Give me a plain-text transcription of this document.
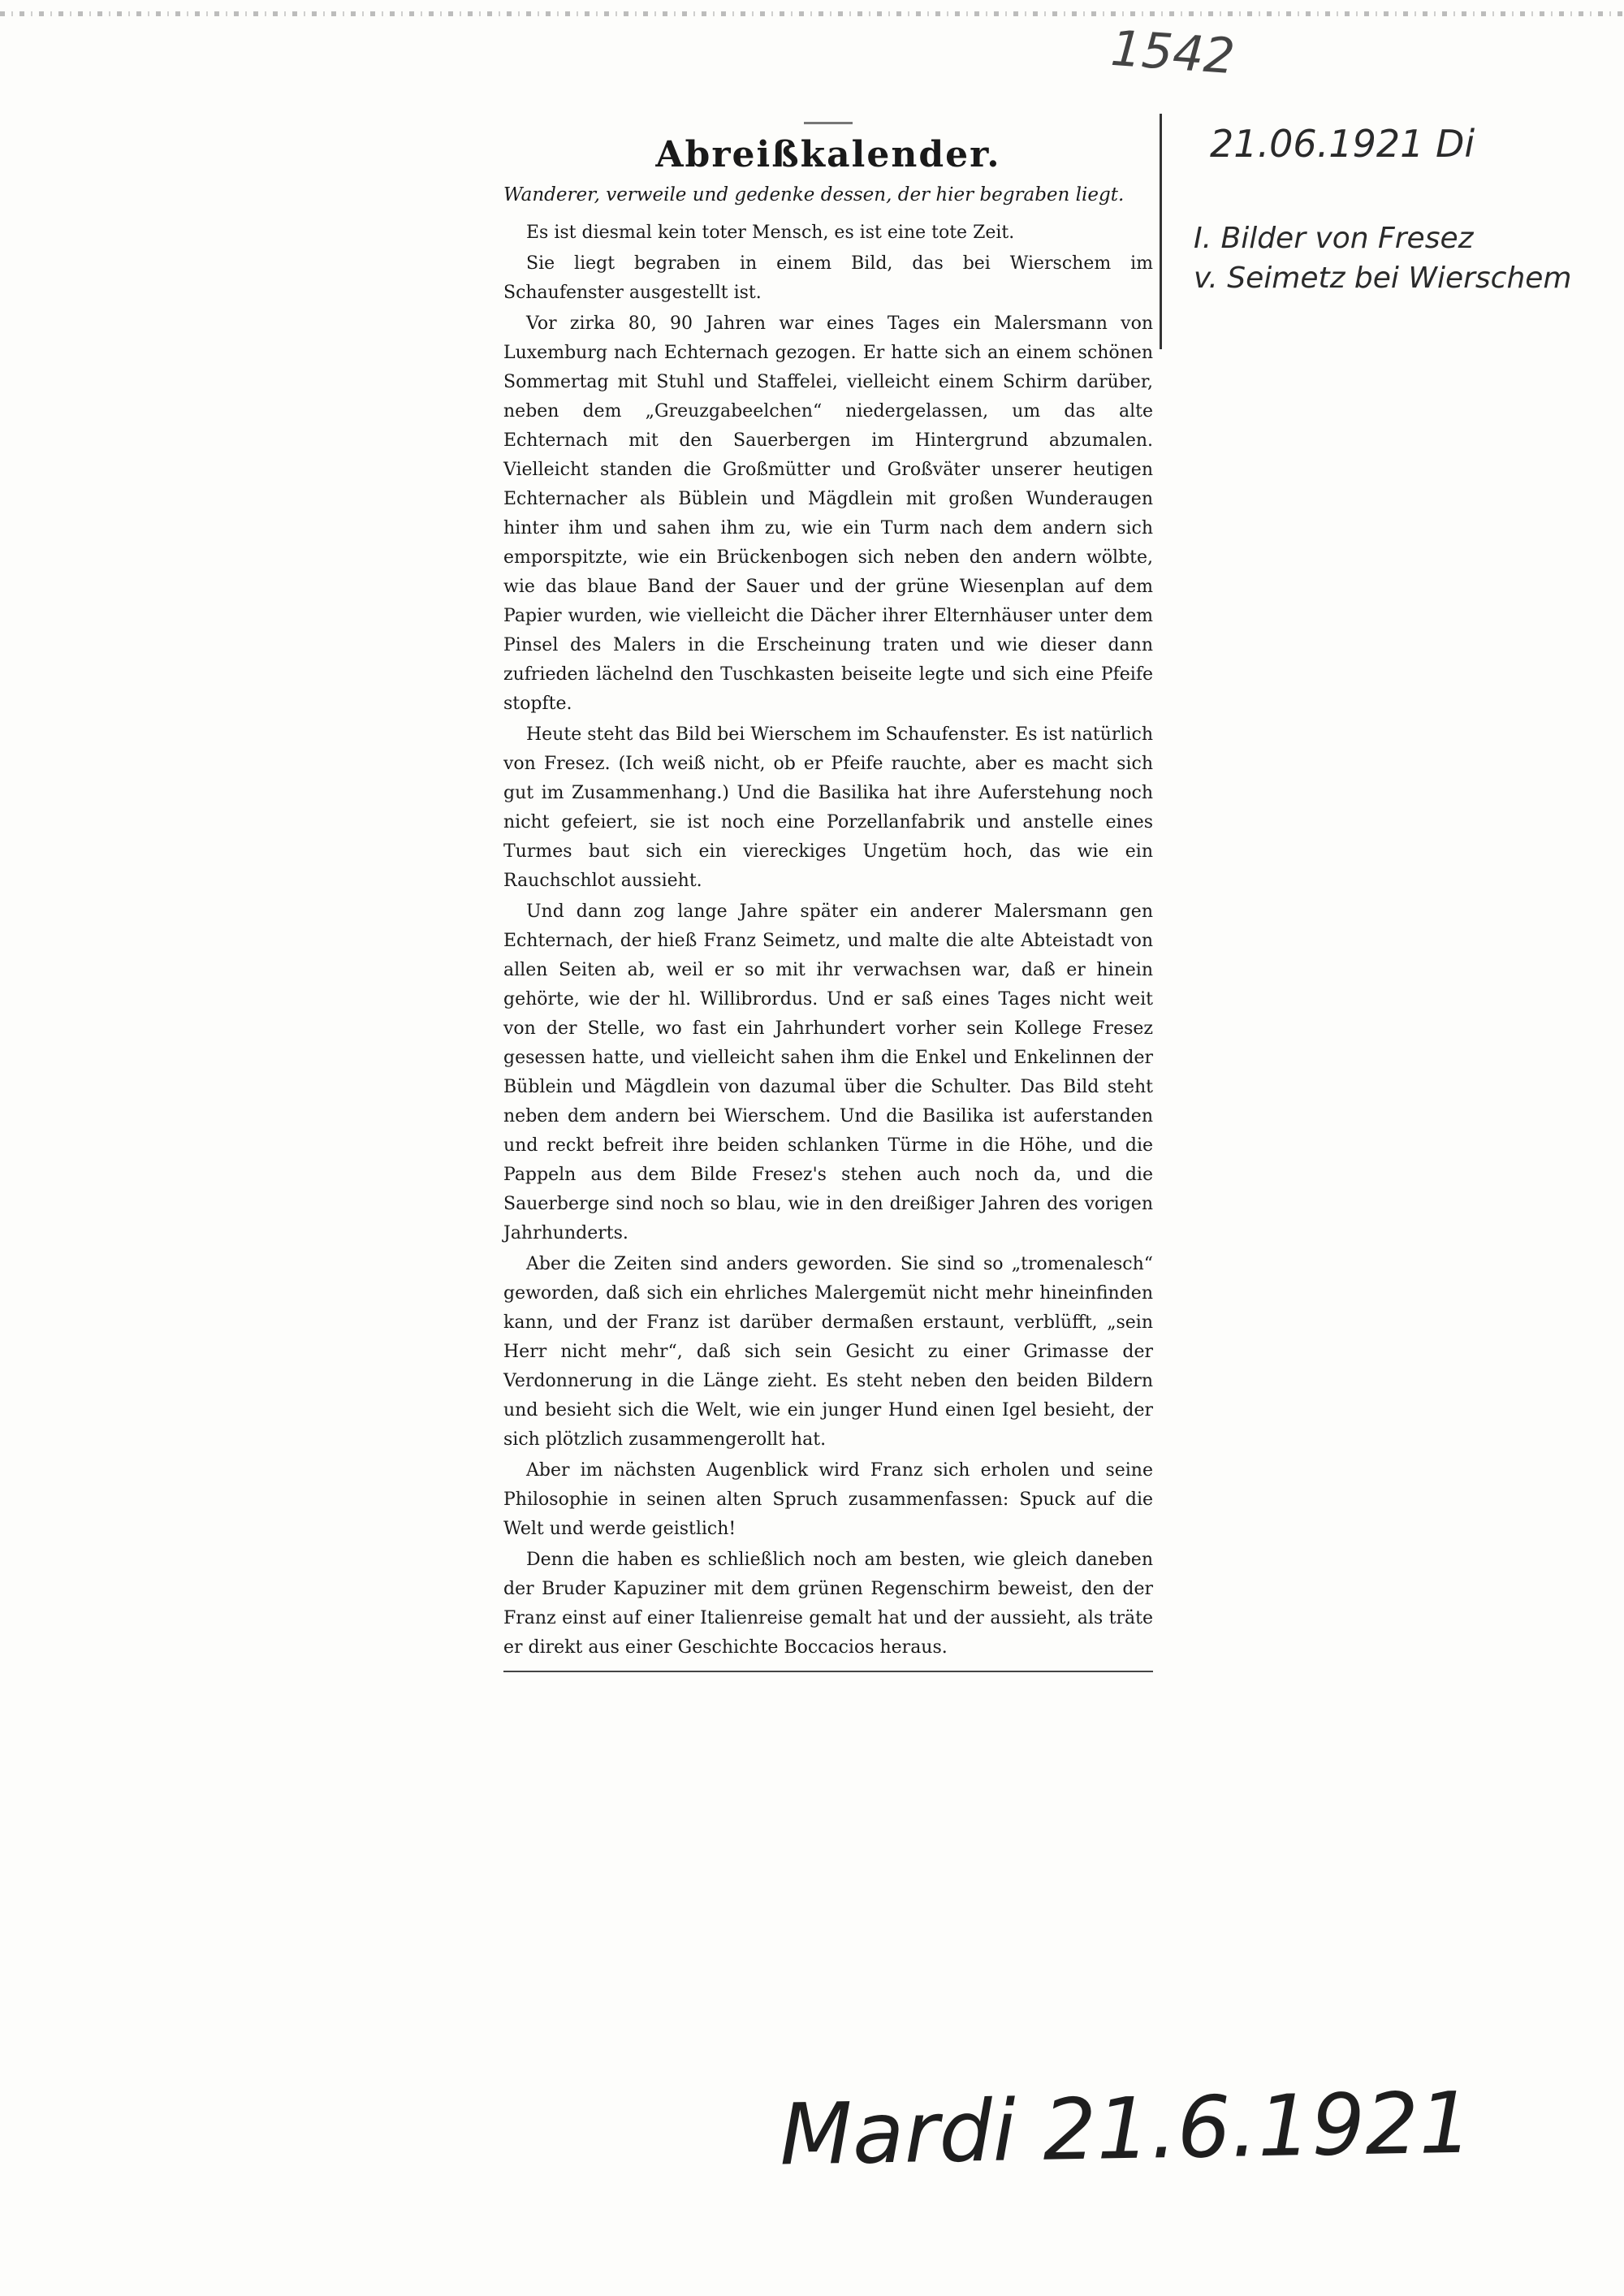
1542
21.06.1921 Di
I. Bilder von Fresez
v. Seimetz bei Wierschem
Abreißkalender.

Wanderer, verweile und gedenke dessen, der hier begraben liegt.

Es ist diesmal kein toter Mensch, es ist eine tote Zeit.

Sie liegt begraben in einem Bild, das bei Wierschem im Schaufenster ausgestellt ist.

Vor zirka 80, 90 Jahren war eines Tages ein Malersmann von Luxemburg nach Echternach gezogen. Er hatte sich an einem schönen Sommertag mit Stuhl und Staffelei, vielleicht einem Schirm darüber, neben dem „Greuzgabeelchen“ niedergelassen, um das alte Echternach mit den Sauerbergen im Hintergrund abzumalen. Vielleicht standen die Großmütter und Großväter unserer heutigen Echternacher als Büblein und Mägdlein mit großen Wunderaugen hinter ihm und sahen ihm zu, wie ein Turm nach dem andern sich emporspitzte, wie ein Brückenbogen sich neben den andern wölbte, wie das blaue Band der Sauer und der grüne Wiesenplan auf dem Papier wurden, wie vielleicht die Dächer ihrer Elternhäuser unter dem Pinsel des Malers in die Erscheinung traten und wie dieser dann zufrieden lächelnd den Tuschkasten beiseite legte und sich eine Pfeife stopfte.

Heute steht das Bild bei Wierschem im Schaufenster. Es ist natürlich von Fresez. (Ich weiß nicht, ob er Pfeife rauchte, aber es macht sich gut im Zusammenhang.) Und die Basilika hat ihre Auferstehung noch nicht gefeiert, sie ist noch eine Porzellanfabrik und anstelle eines Turmes baut sich ein viereckiges Ungetüm hoch, das wie ein Rauchschlot aussieht.

Und dann zog lange Jahre später ein anderer Malersmann gen Echternach, der hieß Franz Seimetz, und malte die alte Abteistadt von allen Seiten ab, weil er so mit ihr verwachsen war, daß er hinein gehörte, wie der hl. Willibrordus. Und er saß eines Tages nicht weit von der Stelle, wo fast ein Jahrhundert vorher sein Kollege Fresez gesessen hatte, und vielleicht sahen ihm die Enkel und Enkelinnen der Büblein und Mägdlein von dazumal über die Schulter. Das Bild steht neben dem andern bei Wierschem. Und die Basilika ist auferstanden und reckt befreit ihre beiden schlanken Türme in die Höhe, und die Pappeln aus dem Bilde Fresez's stehen auch noch da, und die Sauerberge sind noch so blau, wie in den dreißiger Jahren des vorigen Jahrhunderts.

Aber die Zeiten sind anders geworden. Sie sind so „tromenalesch“ geworden, daß sich ein ehrliches Malergemüt nicht mehr hineinfinden kann, und der Franz ist darüber dermaßen erstaunt, verblüfft, „sein Herr nicht mehr“, daß sich sein Gesicht zu einer Grimasse der Verdonnerung in die Länge zieht. Es steht neben den beiden Bildern und besieht sich die Welt, wie ein junger Hund einen Igel besieht, der sich plötzlich zusammengerollt hat.

Aber im nächsten Augenblick wird Franz sich erholen und seine Philosophie in seinen alten Spruch zusammenfassen: Spuck auf die Welt und werde geistlich!

Denn die haben es schließlich noch am besten, wie gleich daneben der Bruder Kapuziner mit dem grünen Regenschirm beweist, den der Franz einst auf einer Italienreise gemalt hat und der aussieht, als träte er direkt aus einer Geschichte Boccacios heraus.

Mardi 21.6.1921
